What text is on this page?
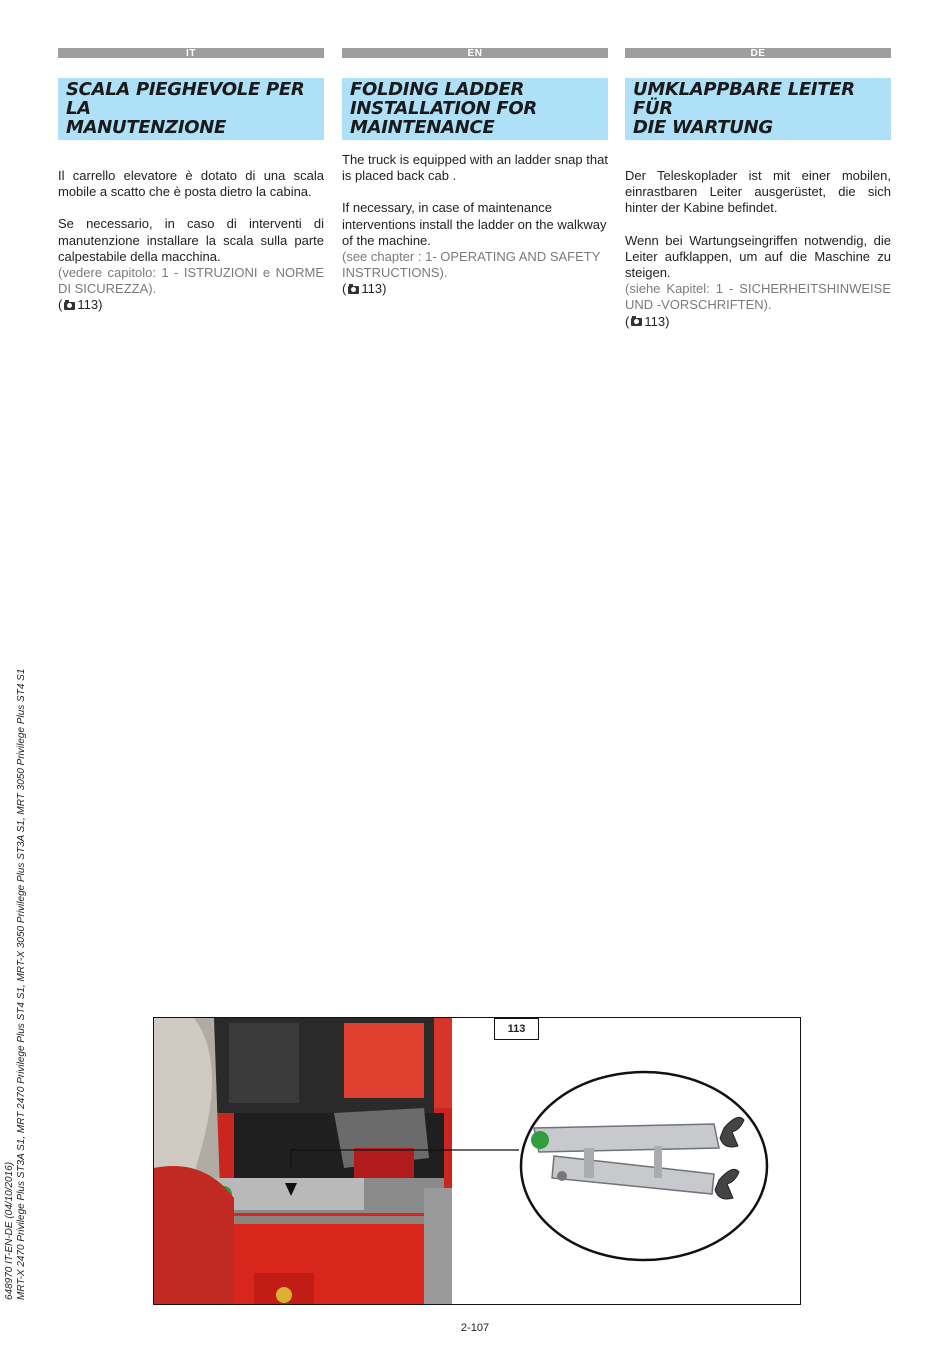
IT
SCALA PIEGHEVOLE PER LA
MANUTENZIONE

Il carrello elevatore è dotato di una scala mobile a scatto che è posta dietro la cabina.

Se necessario, in caso di interventi di manutenzione installare la scala sulla parte calpestabile della macchina.

(vedere capitolo: 1 - ISTRUZIONI e NORME DI SICUREZZA).

( 113)

EN
FOLDING LADDER
INSTALLATION FOR
MAINTENANCE

The truck is equipped with an ladder snap that is placed back cab .

If necessary, in case of maintenance interventions install the ladder on the walkway of the machine.

(see chapter : 1- OPERATING AND SAFETY INSTRUCTIONS).

( 113)

DE
UMKLAPPBARE LEITER FÜR
DIE WARTUNG

Der Teleskoplader ist mit einer mobilen, einrastbaren Leiter ausgerüstet, die sich hinter der Kabine befindet.

Wenn bei Wartungseingriffen notwendig, die Leiter aufklappen, um auf die Maschine zu steigen.

(siehe Kapitel: 1 - SICHERHEITSHINWEISE UND -VORSCHRIFTEN).

( 113)

648970 IT-EN-DE (04/10/2016) MRT-X 2470 Privilege Plus ST3A S1, MRT 2470 Privilege Plus ST4 S1, MRT-X 3050 Privilege Plus ST3A S1, MRT 3050 Privilege Plus ST4 S1	113
2-107
